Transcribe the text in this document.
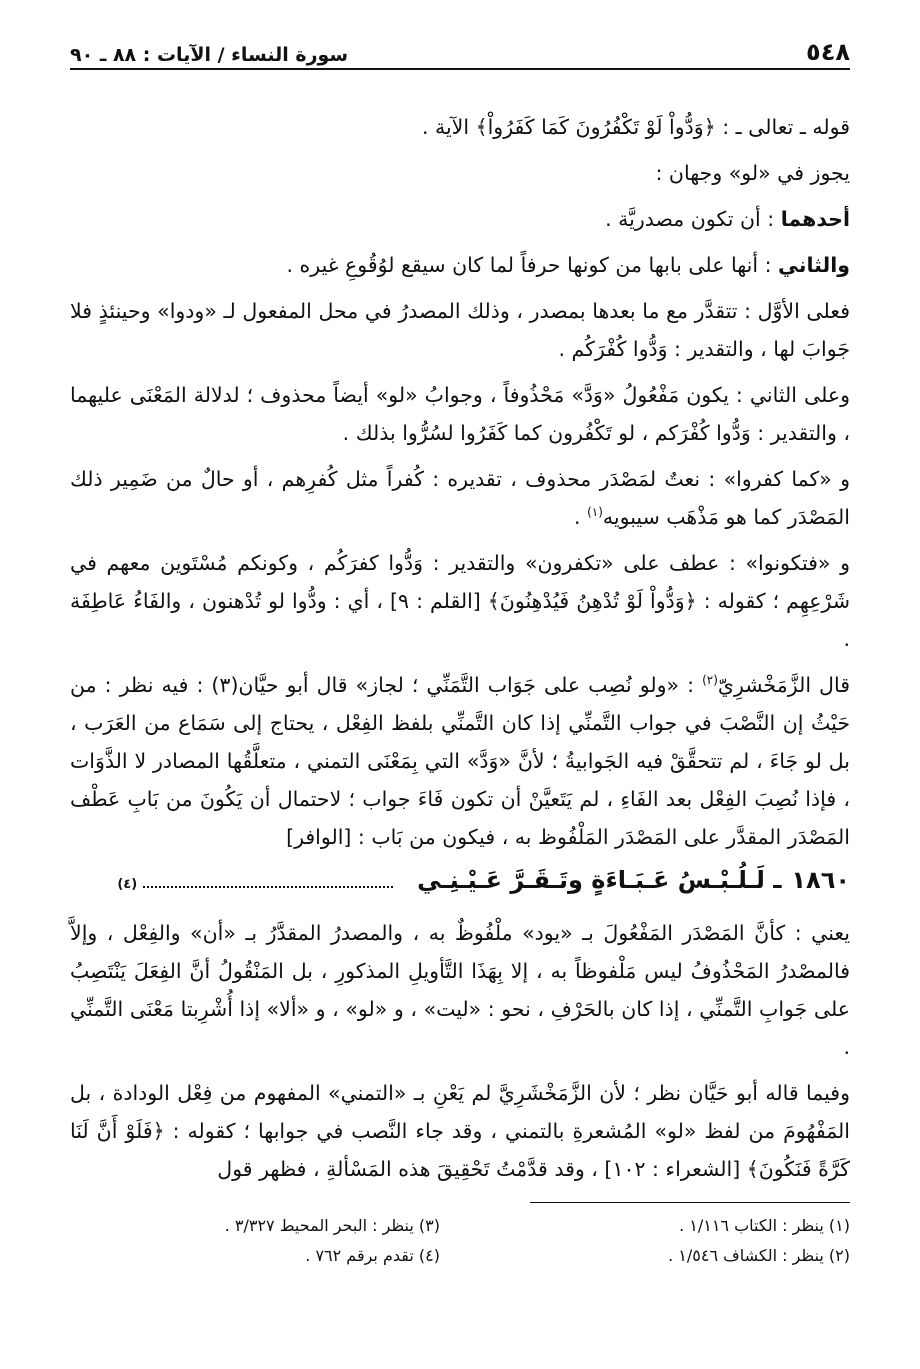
٥٤٨
سورة النساء / الآيات : ٨٨ ـ ٩٠

قوله ـ تعالى ـ : ﴿وَدُّواْ لَوْ تَكْفُرُونَ كَمَا كَفَرُواْ﴾ الآية .

يجوز في «لو» وجهان :

أحدهما : أن تكون مصدريَّة .

والثاني : أنها على بابها من كونها حرفاً لما كان سيقع لوُقُوعِ غيره .

فعلى الأوَّل : تتقدَّر مع ما بعدها بمصدر ، وذلك المصدرُ في محل المفعول لـ «ودوا» وحينئذٍ فلا جَوابَ لها ، والتقدير : وَدُّوا كُفْرَكُم .

وعلى الثاني : يكون مَفْعُولُ «وَدَّ» مَحْذُوفاً ، وجوابُ «لو» أيضاً محذوف ؛ لدلالة المَعْنَى عليهما ، والتقدير : وَدُّوا كُفْرَكم ، لو تَكْفُرون كما كَفَرُوا لسُرُّوا بذلك .

و «كما كفروا» : نعتٌ لمَصْدَر محذوف ، تقديره : كُفراً مثل كُفرِهم ، أو حالٌ من ضَمِير ذلك المَصْدَر كما هو مَذْهَب سيبويه$^{(١)}$ .

و «فتكونوا» : عطف على «تكفرون» والتقدير : وَدُّوا كفرَكُم ، وكونكم مُسْتَوين معهم في شَرْعِهِم ؛ كقوله : ﴿وَدُّواْ لَوْ تُدْهِنُ فَيُدْهِنُونَ﴾ [القلم : ٩] ، أي : ودُّوا لو تُدْهنون ، والفَاءُ عَاطِفَة .

قال الزَّمَخْشرِيّ$^{(٢)}$ : «ولو نُصِب على جَوَاب التَّمَنِّي ؛ لجاز» قال أبو حيَّان(٣) : فيه نظر : من حَيْثُ إن النَّصْبَ في جواب التَّمنِّي إذا كان التَّمنِّي بلفظ الفِعْل ، يحتاج إلى سَمَاع من العَرَب ، بل لو جَاءَ ، لم تتحقَّقْ فيه الجَوابيةُ ؛ لأنَّ «وَدَّ» التي بِمَعْنَى التمني ، متعلَّقُها المصادر لا الذَّوَات ، فإذا نُصِبَ الفِعْل بعد الفَاءِ ، لم يَتَعيَّنْ أن تكون فَاءَ جواب ؛ لاحتمال أن يَكُونَ من بَابِ عَطْف المَصْدَر المقدَّر على المَصْدَر المَلْفُوظ به ، فيكون من بَاب : [الوافر]

١٨٦٠
ـ لَـلُـبْـسُ عَـبَـاءَةٍ وتَـقَـرَّ عَـيْـنِـي
(٤)

يعني : كأنَّ المَصْدَر المَفْعُولَ بـ «يود» ملْفُوظٌ به ، والمصدرُ المقدَّرُ بـ «أن» والفِعْل ، وإلاَّ فالمصْدرُ المَحْذُوفُ ليس مَلْفوظاً به ، إلا بِهَذَا التَّأويلِ المذكورِ ، بل المَنْقُولُ أنَّ الفِعَلَ يَنْتَصِبُ على جَوابِ التَّمنِّي ، إذا كان بالحَرْفِ ، نحو : «ليت» ، و «لو» ، و «ألا» إذا أُشْرِبتا مَعْنَى التَّمنِّي .

وفيما قاله أبو حَيَّان نظر ؛ لأن الزَّمَخْشَرِيَّ لم يَعْنِ بـ «التمني» المفهوم من فِعْل الودادة ، بل المَفْهُومَ من لفظ «لو» المُشعرةِ بالتمني ، وقد جاء النَّصب في جوابها ؛ كقوله : ﴿فَلَوْ أَنَّ لَنَا كَرَّةً فَنَكُونَ﴾ [الشعراء : ١٠٢] ، وقد قدَّمْتُ تَحْقِيقَ هذه المَسْألةِ ، فظهر قول

(١) ينظر : الكتاب ١/١١٦ .
(٣) ينظر : البحر المحيط ٣/٣٢٧ .
(٢) ينظر : الكشاف ١/٥٤٦ .
(٤) تقدم برقم ٧٦٢ .
